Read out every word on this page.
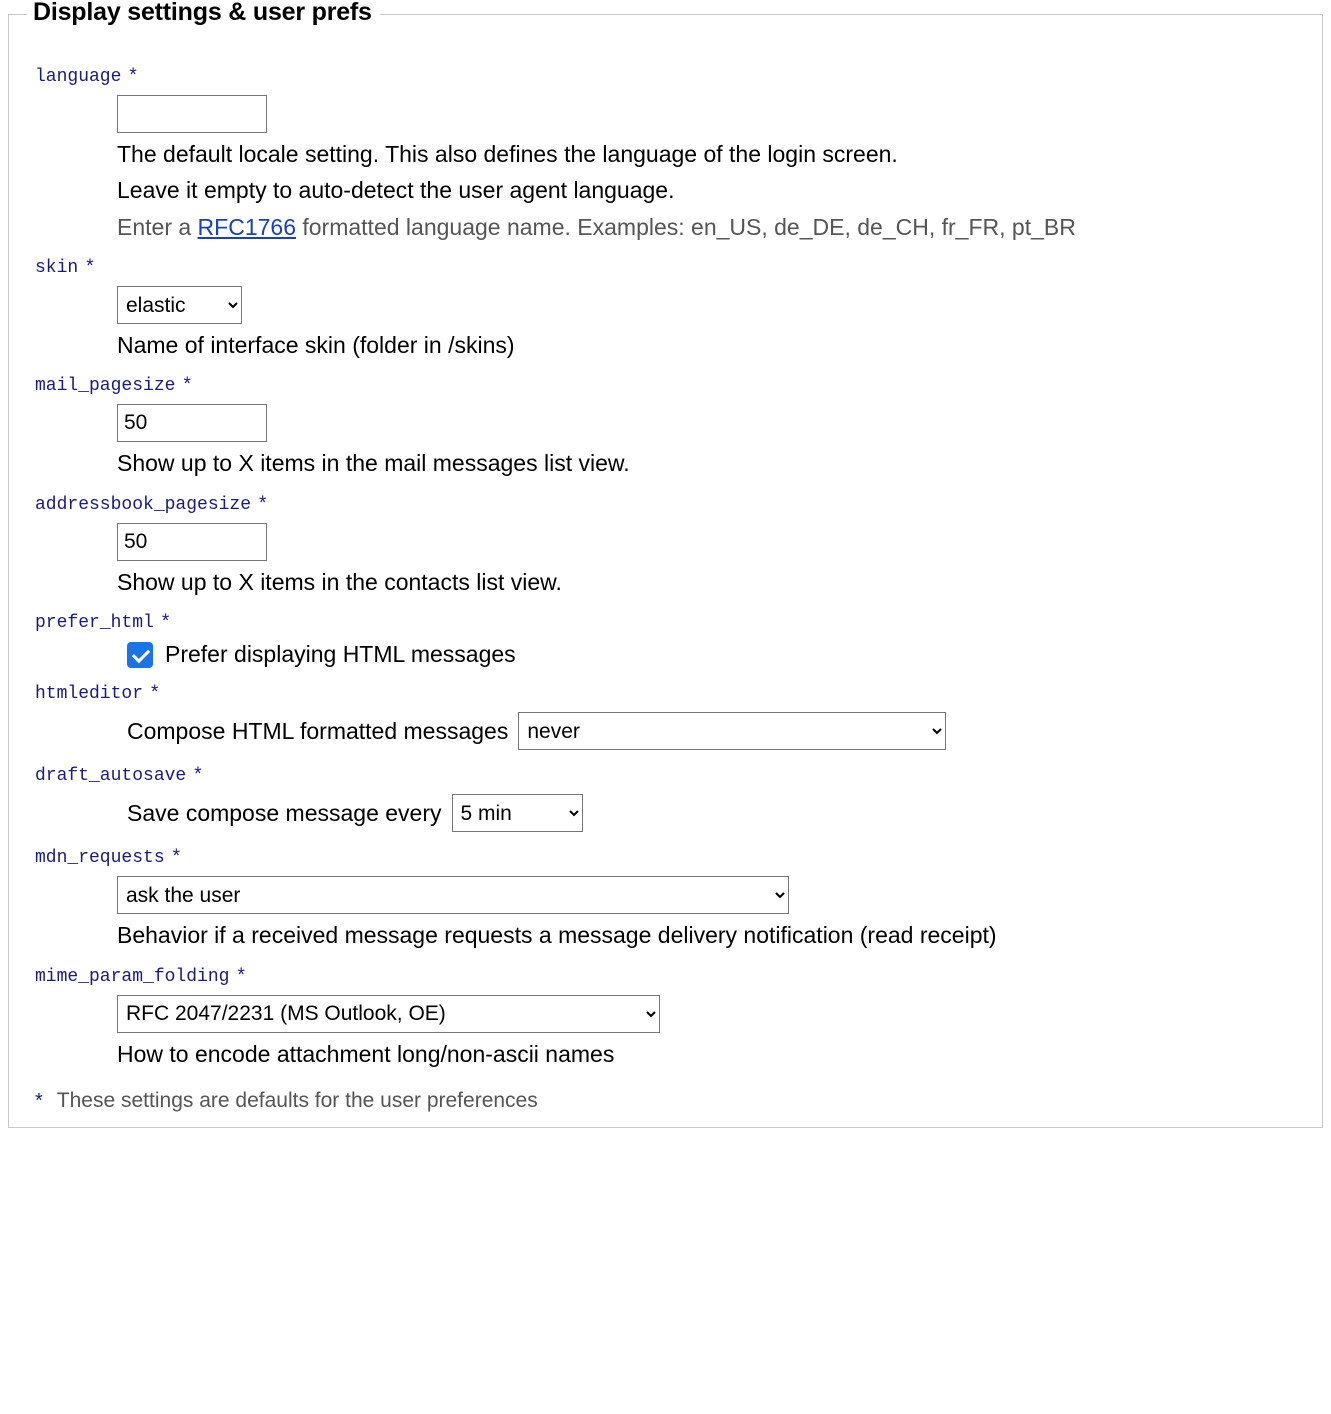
Display settings & user prefs
language *
The default locale setting. This also defines the language of the login screen.
Leave it empty to auto-detect the user agent language.
Enter a RFC1766 formatted language name. Examples: en_US, de_DE, de_CH, fr_FR, pt_BR
skin *
elastic
Name of interface skin (folder in /skins)
mail_pagesize *
50
Show up to X items in the mail messages list view.
addressbook_pagesize *
50
Show up to X items in the contacts list view.
prefer_html *
Prefer displaying HTML messages
htmleditor *
Compose HTML formatted messages
never
draft_autosave *
Save compose message every
5 min
mdn_requests *
ask the user
Behavior if a received message requests a message delivery notification (read receipt)
mime_param_folding *
RFC 2047/2231 (MS Outlook, OE)
How to encode attachment long/non-ascii names
* These settings are defaults for the user preferences
